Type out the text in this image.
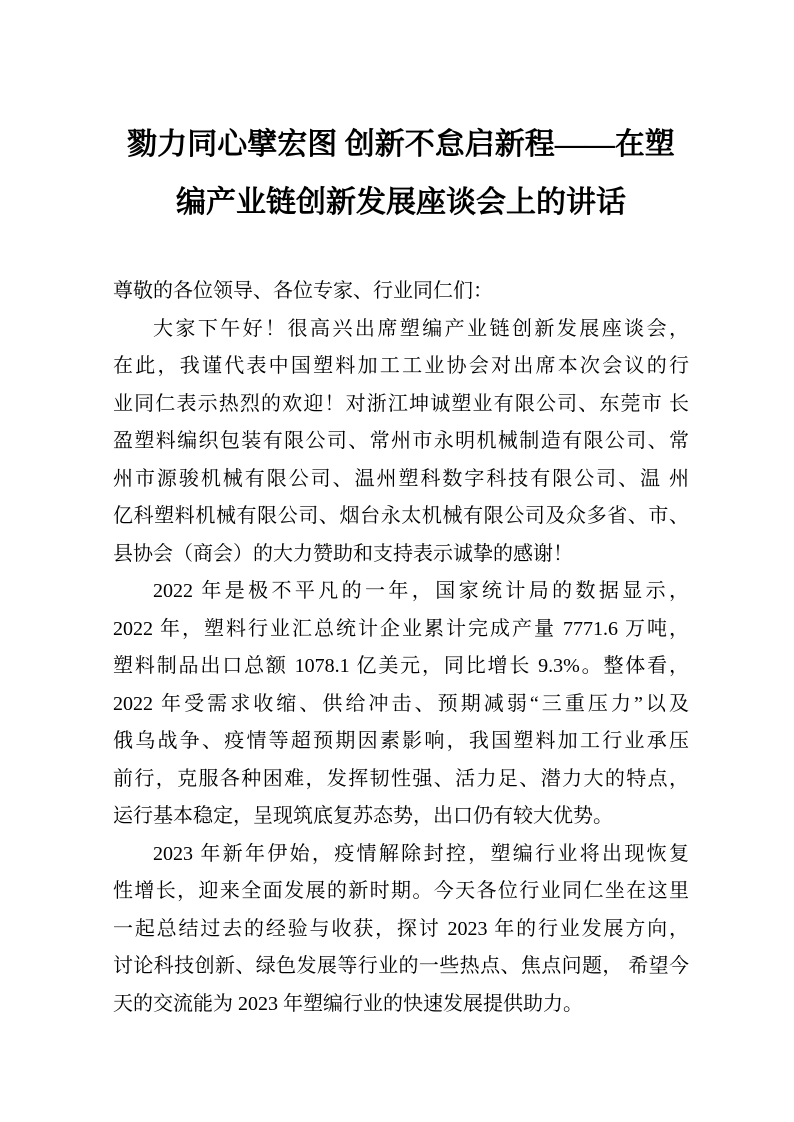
勠力同心擘宏图 创新不怠启新程——在塑
编产业链创新发展座谈会上的讲话
尊敬的各位领导、各位专家、行业同仁们：
大家下午好！很高兴出席塑编产业链创新发展座谈会，
在此，我谨代表中国塑料加工工业协会对出席本次会议的行
业同仁表示热烈的欢迎！对浙江坤诚塑业有限公司、东莞市 长
盈塑料编织包装有限公司、常州市永明机械制造有限公司、常
州市源骏机械有限公司、温州塑科数字科技有限公司、温 州
亿科塑料机械有限公司、烟台永太机械有限公司及众多省、市、
县协会（商会）的大力赞助和支持表示诚挚的感谢！
2022 年是极不平凡的一年，国家统计局的数据显示，
2022 年，塑料行业汇总统计企业累计完成产量 7771.6 万吨，
塑料制品出口总额 1078.1 亿美元，同比增长 9.3%。整体看，
2022 年受需求收缩、供给冲击、预期减弱“三重压力”以及
俄乌战争、疫情等超预期因素影响，我国塑料加工行业承压
前行，克服各种困难，发挥韧性强、活力足、潜力大的特点，
运行基本稳定，呈现筑底复苏态势，出口仍有较大优势。
2023 年新年伊始，疫情解除封控，塑编行业将出现恢复
性增长，迎来全面发展的新时期。今天各位行业同仁坐在这里
一起总结过去的经验与收获，探讨 2023 年的行业发展方向，
讨论科技创新、绿色发展等行业的一些热点、焦点问题， 希望今
天的交流能为 2023 年塑编行业的快速发展提供助力。
